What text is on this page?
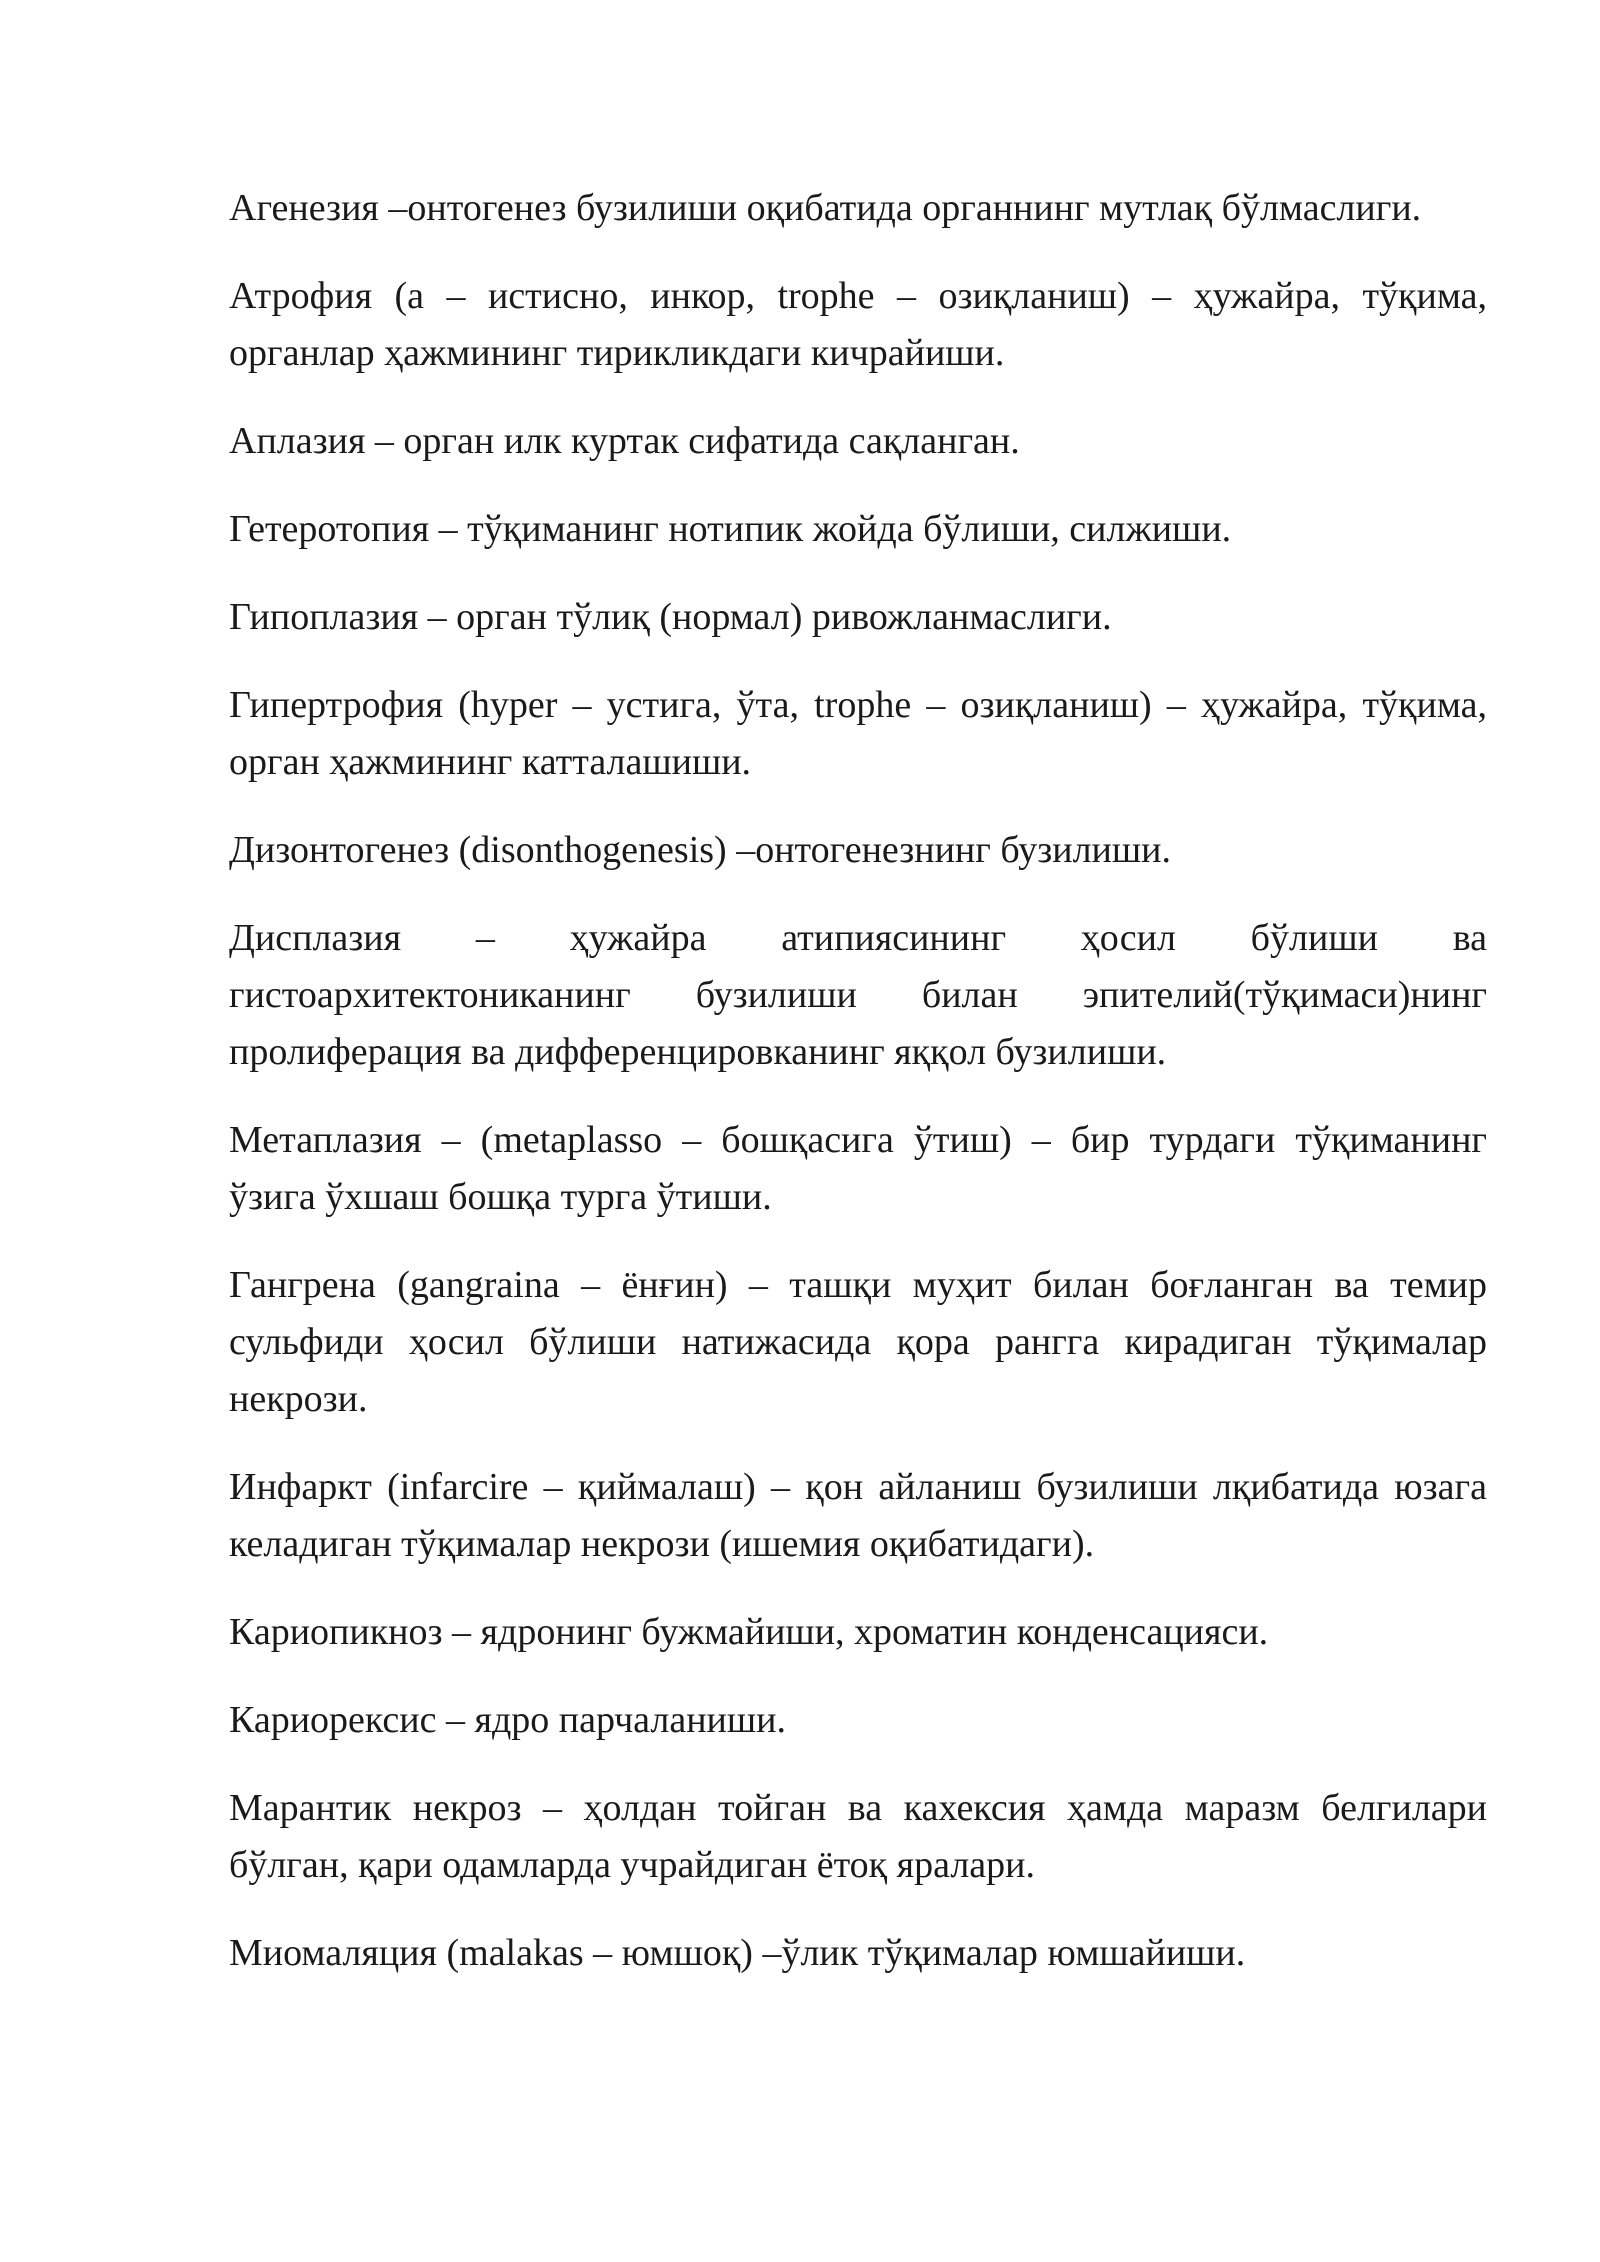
Агенезия –онтогенез бузилиши оқибатида органнинг мутлақ бўлмаслиги.

Атрофия (а – истисно, инкор, trophe – озиқланиш) – ҳужайра, тўқима, органлар ҳажмининг тирикликдаги кичрайиши.

Аплазия – орган илк куртак сифатида сақланган.

Гетеротопия – тўқиманинг нотипик жойда бўлиши, силжиши.

Гипоплазия – орган тўлиқ (нормал) ривожланмаслиги.

Гипертрофия (hyper – устига, ўта, trophe – озиқланиш) – ҳужайра, тўқима, орган ҳажмининг катталашиши.

Дизонтогенез (disonthogenesis) –онтогенезнинг бузилиши.

Дисплазия – ҳужайра атипиясининг ҳосил бўлиши ва гистоархитектониканинг бузилиши билан эпителий(тўқимаси)нинг пролиферация ва дифференцировканинг яққол бузилиши.

Метаплазия – (metaplasso – бошқасига ўтиш) – бир турдаги тўқиманинг ўзига ўхшаш бошқа турга ўтиши.

Гангрена (gangraina – ёнғин) – ташқи муҳит билан боғланган ва темир сульфиди ҳосил бўлиши натижасида қора рангга кирадиган тўқималар некрози.

Инфаркт (infarcire – қиймалаш) – қон айланиш бузилиши лқибатида юзага келадиган тўқималар некрози (ишемия оқибатидаги).

Кариопикноз – ядронинг бужмайиши, хроматин конденсацияси.

Кариорексис – ядро парчаланиши.

Марантик некроз – ҳолдан тойган ва кахексия ҳамда маразм белгилари бўлган, қари одамларда учрайдиган ётоқ яралари.

Миомаляция (malakas – юмшоқ) –ўлик тўқималар юмшайиши.
